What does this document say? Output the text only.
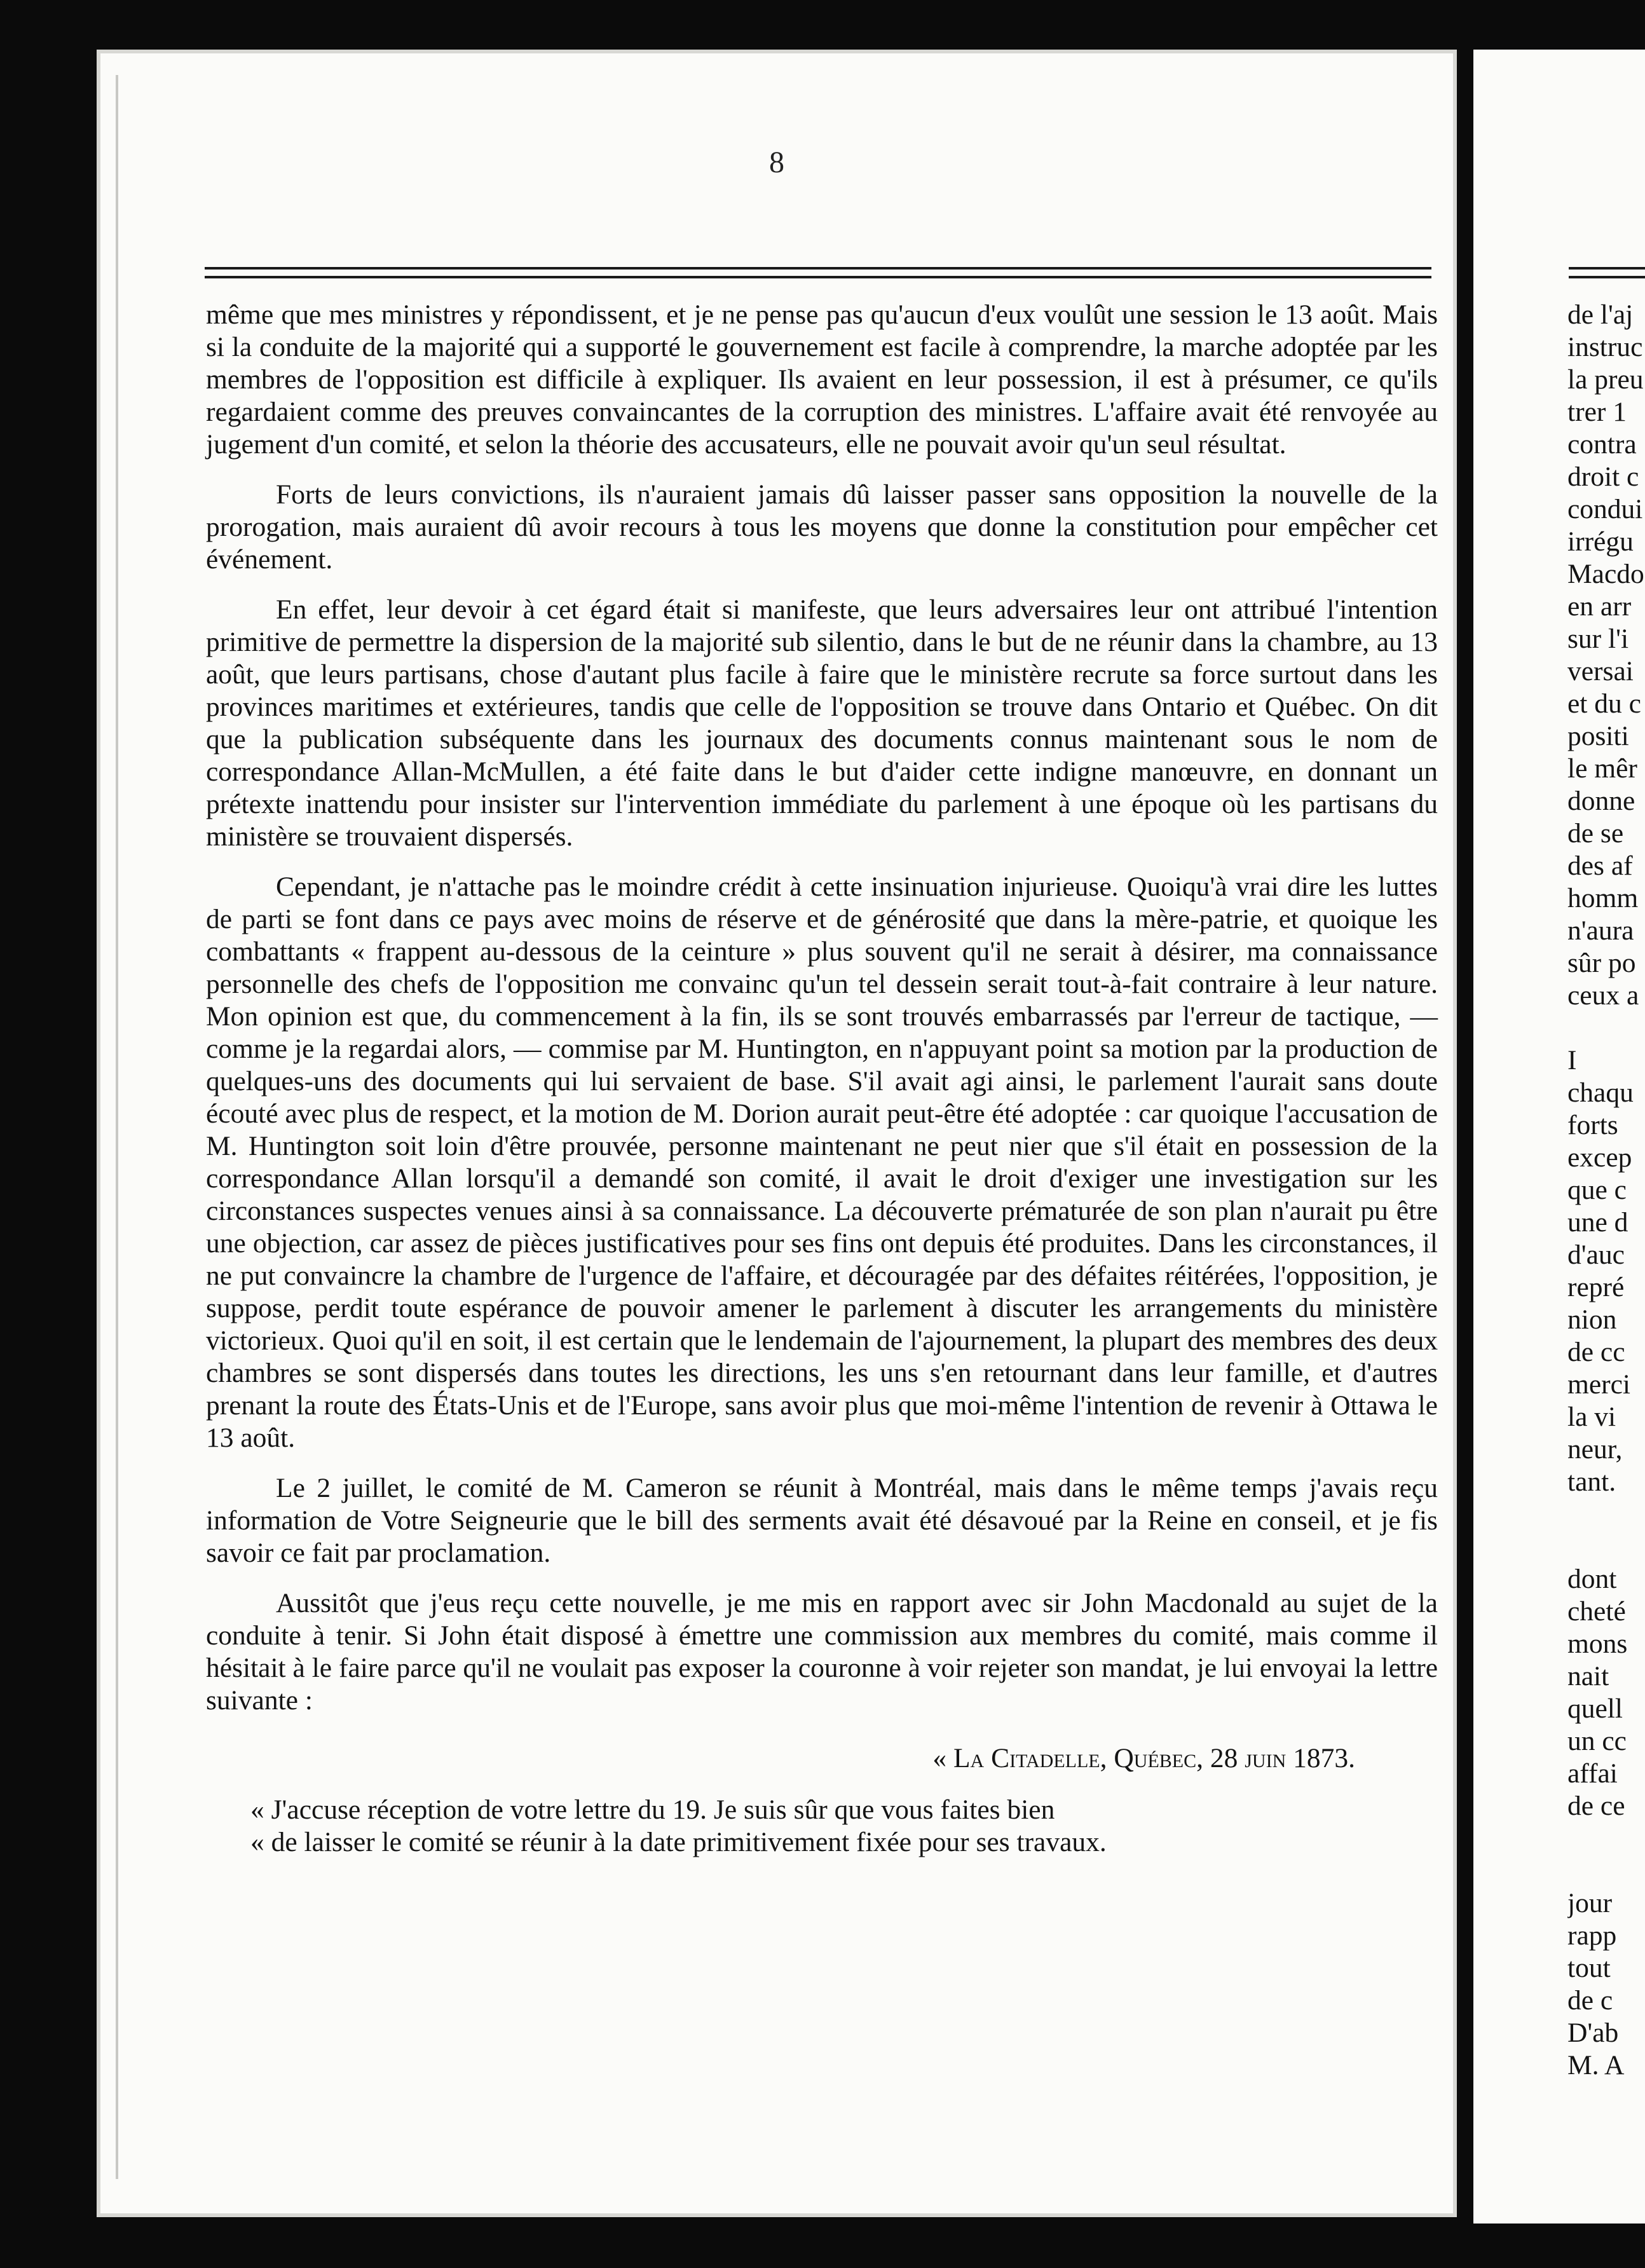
8

même que mes ministres y répondissent, et je ne pense pas qu'aucun d'eux voulût une session le 13 août. Mais si la conduite de la majorité qui a supporté le gouvernement est facile à comprendre, la marche adoptée par les membres de l'opposition est difficile à expliquer. Ils avaient en leur possession, il est à présumer, ce qu'ils regardaient comme des preuves convaincantes de la corruption des ministres. L'affaire avait été renvoyée au jugement d'un comité, et selon la théorie des accusateurs, elle ne pouvait avoir qu'un seul résultat.

Forts de leurs convictions, ils n'auraient jamais dû laisser passer sans opposition la nouvelle de la prorogation, mais auraient dû avoir recours à tous les moyens que donne la constitution pour empêcher cet événement.

En effet, leur devoir à cet égard était si manifeste, que leurs adversaires leur ont attribué l'intention primitive de permettre la dispersion de la majorité sub silentio, dans le but de ne réunir dans la chambre, au 13 août, que leurs partisans, chose d'autant plus facile à faire que le ministère recrute sa force surtout dans les provinces maritimes et extérieures, tandis que celle de l'opposition se trouve dans Ontario et Québec. On dit que la publication subséquente dans les journaux des documents connus maintenant sous le nom de correspondance Allan-McMullen, a été faite dans le but d'aider cette indigne manœuvre, en donnant un prétexte inattendu pour insister sur l'intervention immédiate du parlement à une époque où les partisans du ministère se trouvaient dispersés.

Cependant, je n'attache pas le moindre crédit à cette insinuation injurieuse. Quoiqu'à vrai dire les luttes de parti se font dans ce pays avec moins de réserve et de générosité que dans la mère-patrie, et quoique les combattants « frappent au-dessous de la ceinture » plus souvent qu'il ne serait à désirer, ma connaissance personnelle des chefs de l'opposition me convainc qu'un tel dessein serait tout-à-fait contraire à leur nature. Mon opinion est que, du commencement à la fin, ils se sont trouvés embarrassés par l'erreur de tactique, — comme je la regardai alors, — commise par M. Huntington, en n'appuyant point sa motion par la production de quelques-uns des documents qui lui servaient de base. S'il avait agi ainsi, le parlement l'aurait sans doute écouté avec plus de respect, et la motion de M. Dorion aurait peut-être été adoptée : car quoique l'accusation de M. Huntington soit loin d'être prouvée, personne maintenant ne peut nier que s'il était en possession de la correspondance Allan lorsqu'il a demandé son comité, il avait le droit d'exiger une investigation sur les circonstances suspectes venues ainsi à sa connaissance. La découverte prématurée de son plan n'aurait pu être une objection, car assez de pièces justificatives pour ses fins ont depuis été produites. Dans les circonstances, il ne put convaincre la chambre de l'urgence de l'affaire, et découragée par des défaites réitérées, l'opposition, je suppose, perdit toute espérance de pouvoir amener le parlement à discuter les arrangements du ministère victorieux. Quoi qu'il en soit, il est certain que le lendemain de l'ajournement, la plupart des membres des deux chambres se sont dispersés dans toutes les directions, les uns s'en retournant dans leur famille, et d'autres prenant la route des États-Unis et de l'Europe, sans avoir plus que moi-même l'intention de revenir à Ottawa le 13 août.

Le 2 juillet, le comité de M. Cameron se réunit à Montréal, mais dans le même temps j'avais reçu information de Votre Seigneurie que le bill des serments avait été désavoué par la Reine en conseil, et je fis savoir ce fait par proclamation.

Aussitôt que j'eus reçu cette nouvelle, je me mis en rapport avec sir John Macdonald au sujet de la conduite à tenir. Si John était disposé à émettre une commission aux membres du comité, mais comme il hésitait à le faire parce qu'il ne voulait pas exposer la couronne à voir rejeter son mandat, je lui envoyai la lettre suivante :

« La Citadelle, Québec, 28 juin 1873.

« J'accuse réception de votre lettre du 19. Je suis sûr que vous faites bien

« de laisser le comité se réunir à la date primitivement fixée pour ses travaux.

de l'aj
instruc
la preu
trer 1
contra
droit c
condui
irrégu
Macdo
en arr
sur l'i
versai
et du c
positi
le mêr
donne
de se
des af
homm
n'aura
sûr po
ceux a
I
chaqu
forts
excep
que c
une d
d'auc
repré
nion
de cc
merci
la vi
neur,
tant.
dont
cheté
mons
nait
quell
un cc
affai
de ce
jour
rapp
tout
de c
D'ab
M. A
